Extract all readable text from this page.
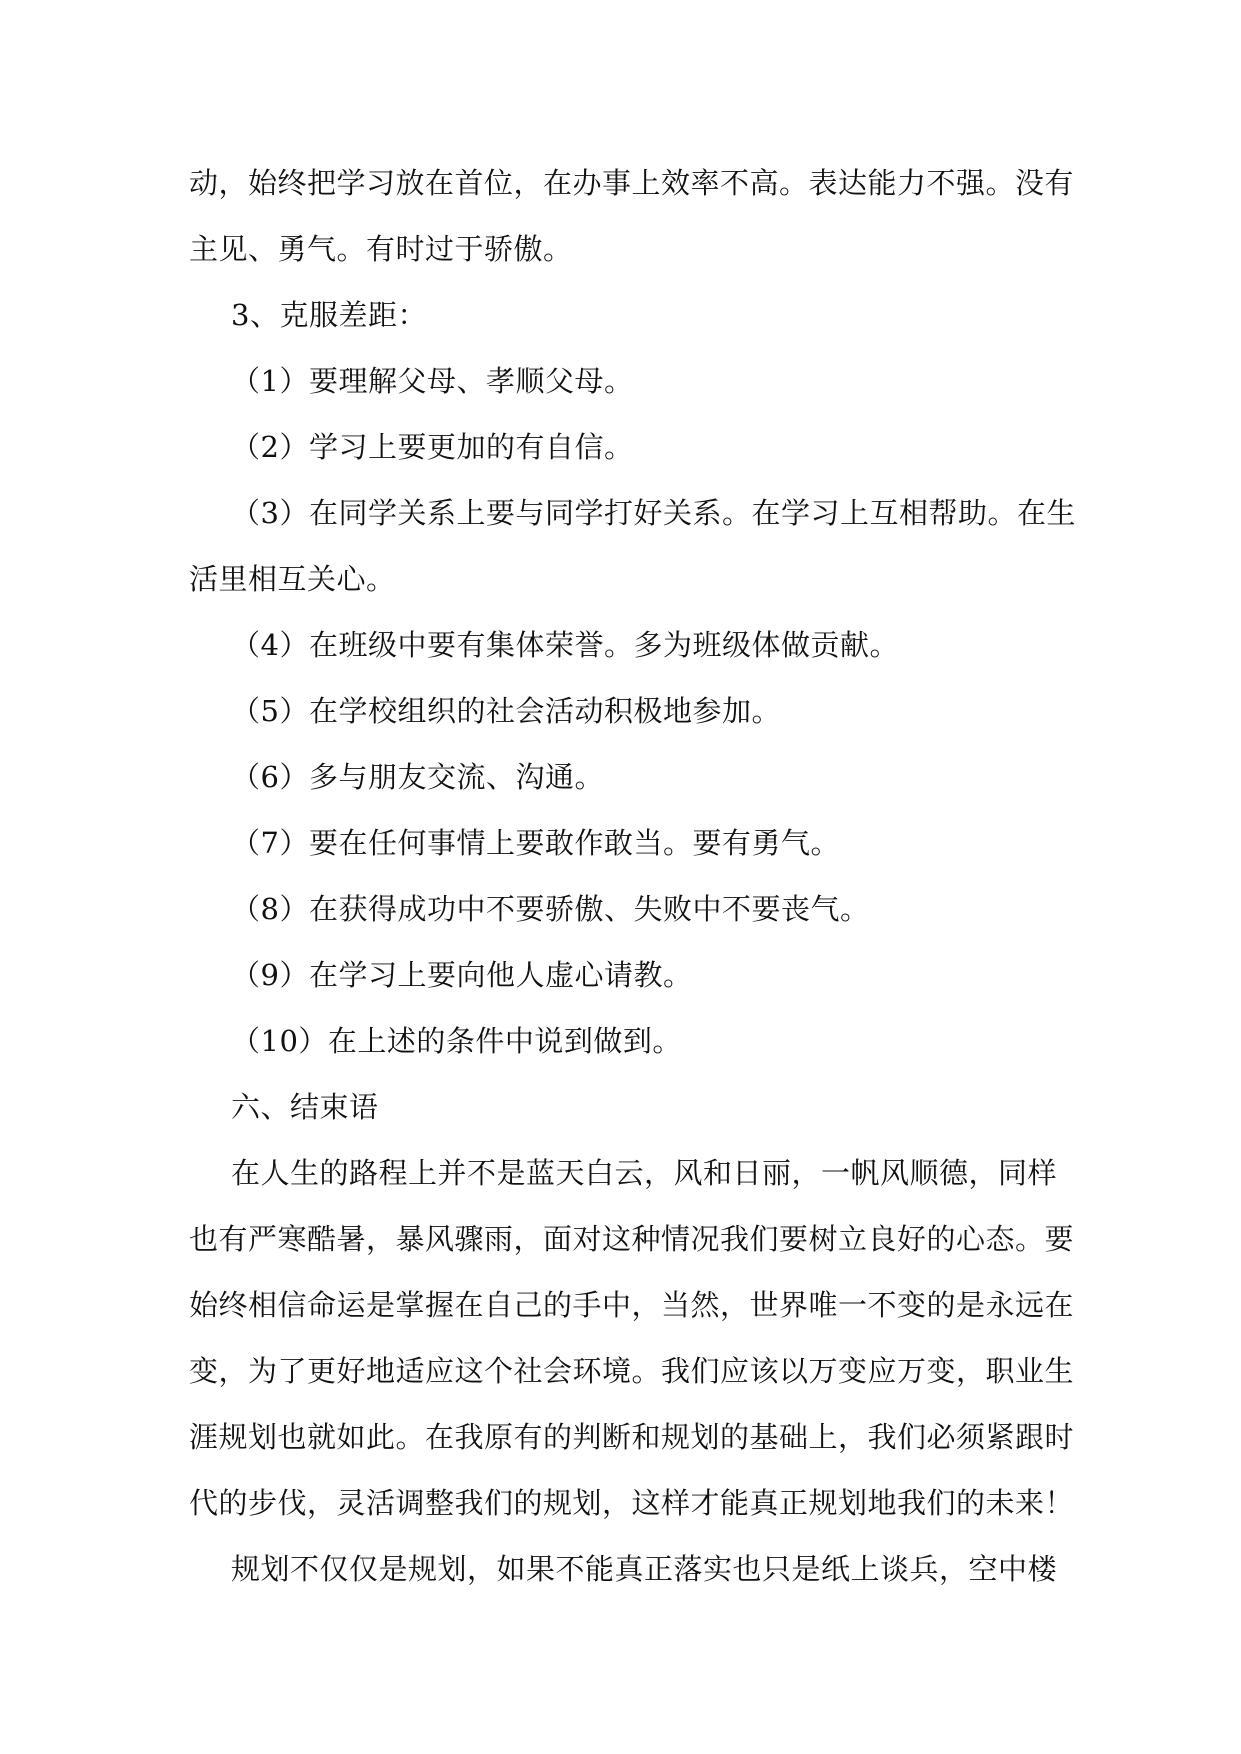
动，始终把学习放在首位，在办事上效率不高。表达能力不强。没有
主见、勇气。有时过于骄傲。
3、克服差距：
（1）要理解父母、孝顺父母。
（2）学习上要更加的有自信。
（3）在同学关系上要与同学打好关系。在学习上互相帮助。在生
活里相互关心。
（4）在班级中要有集体荣誉。多为班级体做贡献。
（5）在学校组织的社会活动积极地参加。
（6）多与朋友交流、沟通。
（7）要在任何事情上要敢作敢当。要有勇气。
（8）在获得成功中不要骄傲、失败中不要丧气。
（9）在学习上要向他人虚心请教。
（10）在上述的条件中说到做到。
六、结束语
在人生的路程上并不是蓝天白云，风和日丽，一帆风顺德，同样
也有严寒酷暑，暴风骤雨，面对这种情况我们要树立良好的心态。要
始终相信命运是掌握在自己的手中，当然，世界唯一不变的是永远在
变，为了更好地适应这个社会环境。我们应该以万变应万变，职业生
涯规划也就如此。在我原有的判断和规划的基础上，我们必须紧跟时
代的步伐，灵活调整我们的规划，这样才能真正规划地我们的未来！
规划不仅仅是规划，如果不能真正落实也只是纸上谈兵，空中楼
